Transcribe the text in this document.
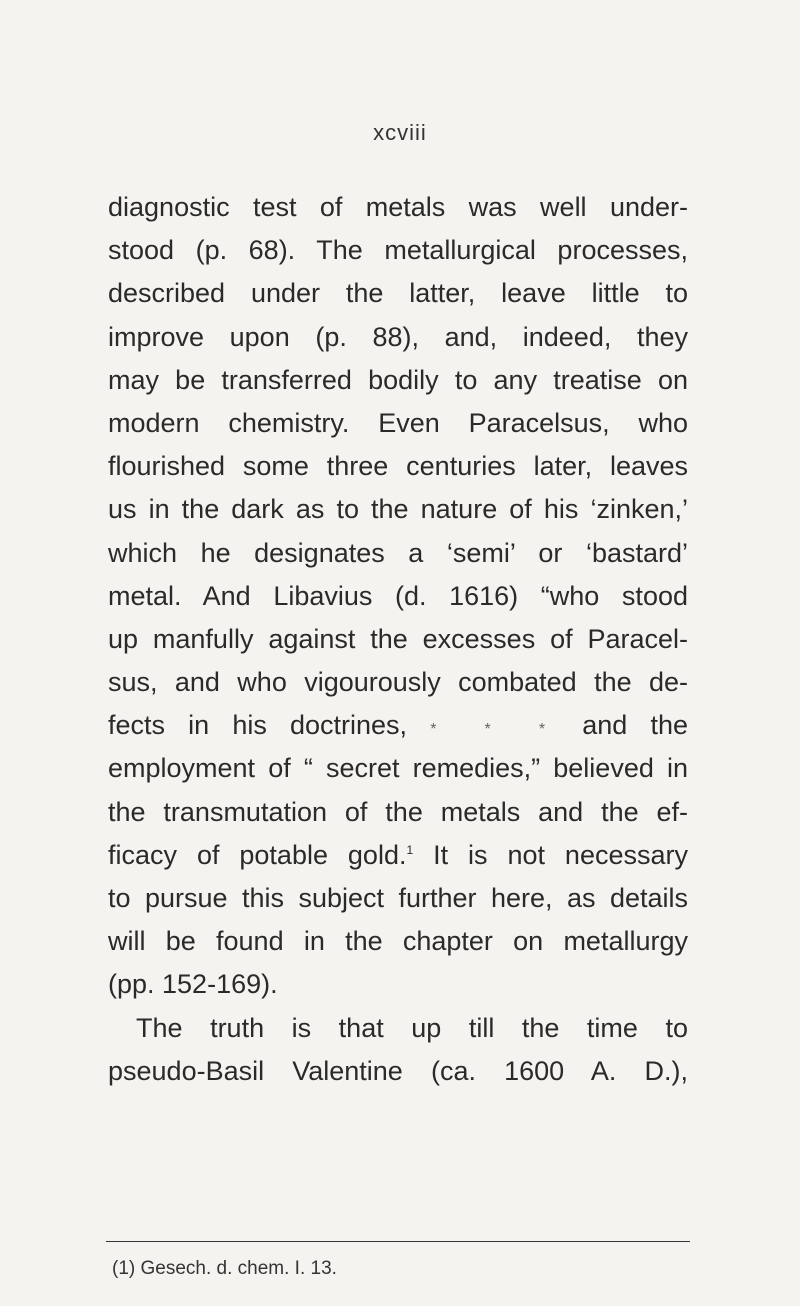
xcviii
diagnostic test of metals was well under-
stood (p. 68). The metallurgical processes,
described under the latter, leave little to
improve upon (p. 88), and, indeed, they
may be transferred bodily to any treatise on
modern chemistry. Even Paracelsus, who
flourished some three centuries later, leaves
us in the dark as to the nature of his ‘zinken,’
which he designates a ‘semi’ or ‘bastard’
metal. And Libavius (d. 1616) “who stood
up manfully against the excesses of Paracel-
sus, and who vigourously combated the de-
fects in his doctrines, * * * and the
employment of “ secret remedies,” believed in
the transmutation of the metals and the ef-
ficacy of potable gold.$^1$ It is not necessary
to pursue this subject further here, as details
will be found in the chapter on metallurgy
(pp. 152-169).
The truth is that up till the time to
pseudo-Basil Valentine (ca. 1600 A. D.),
(1) Gesech. d. chem. I. 13.
